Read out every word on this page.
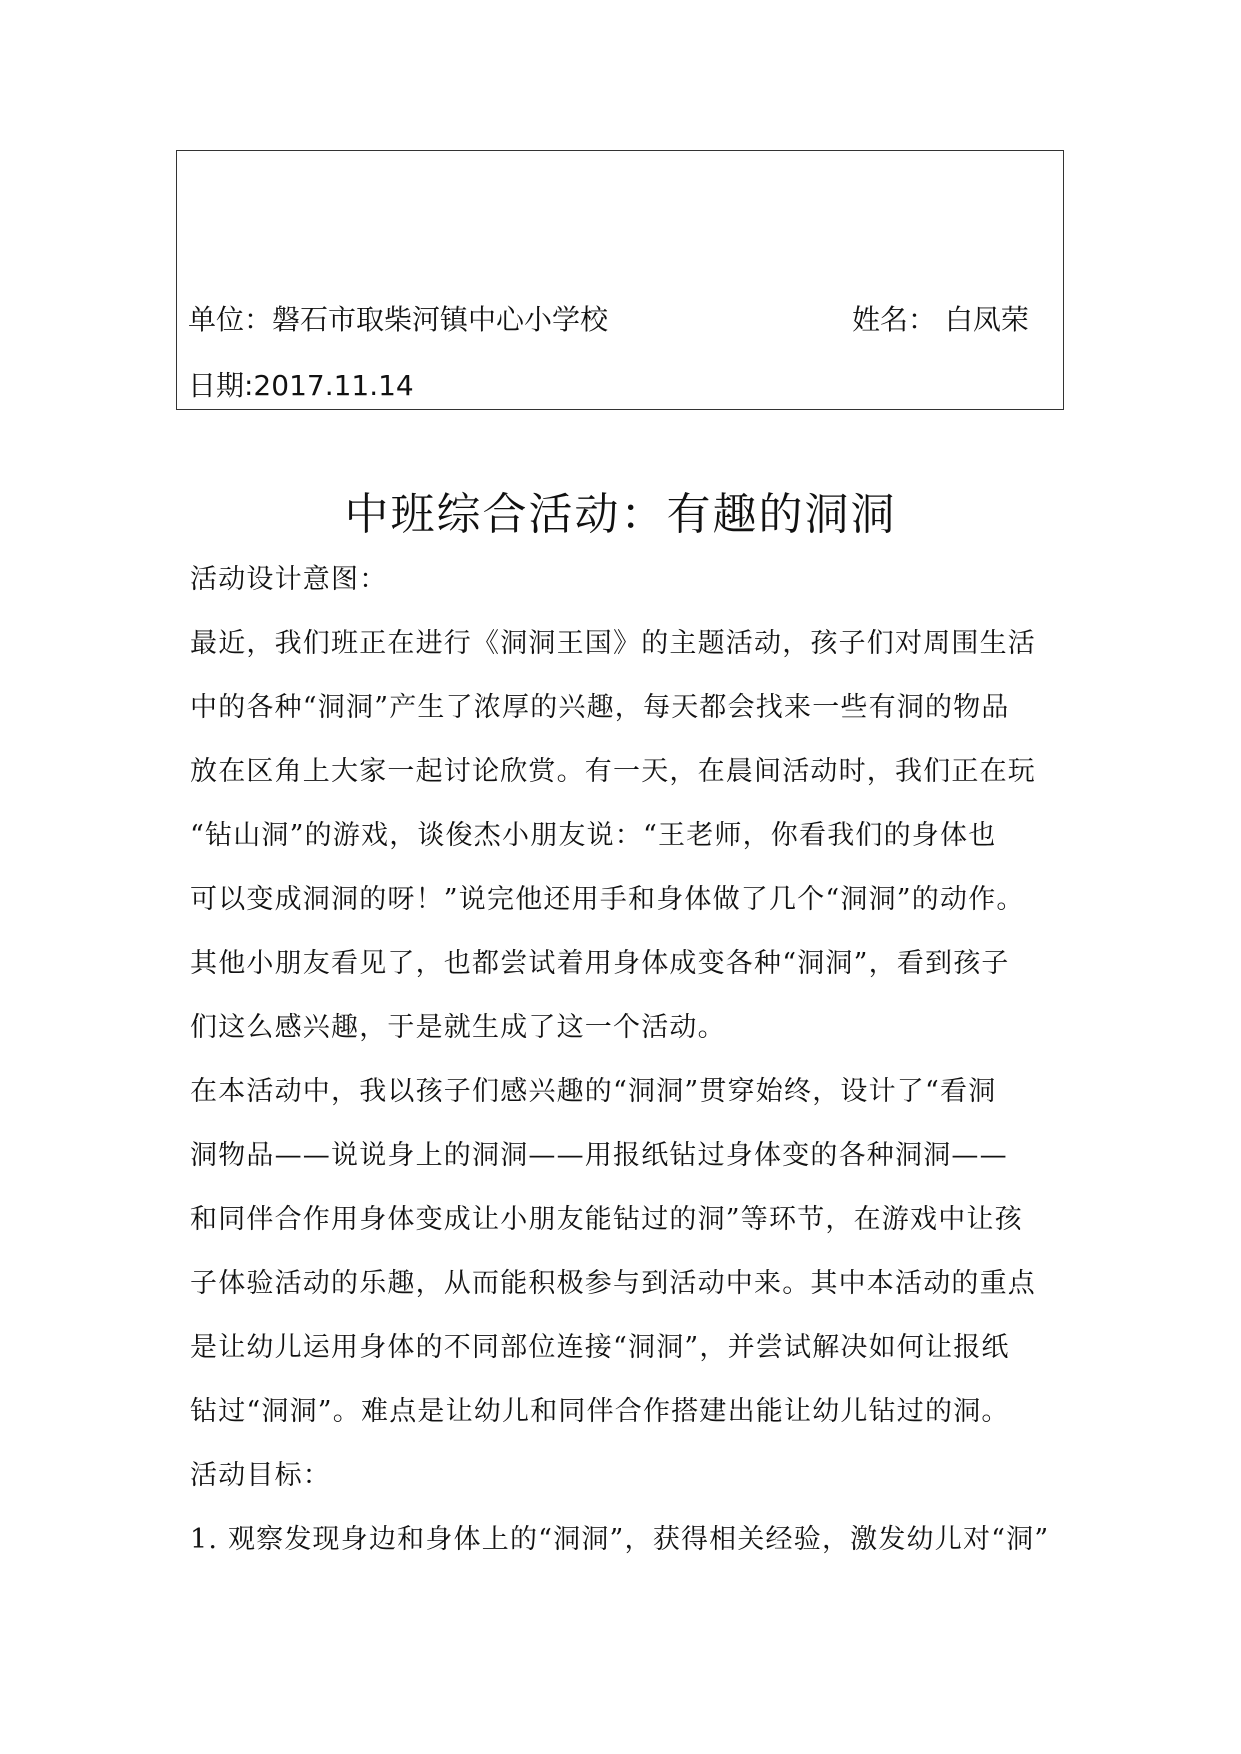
单位：磐石市取柴河镇中心小学校	姓名： 白凤荣
日期:2017.11.14
中班综合活动：有趣的洞洞
活动设计意图：
最近，我们班正在进行《洞洞王国》的主题活动，孩子们对周围生活
中的各种“洞洞”产生了浓厚的兴趣，每天都会找来一些有洞的物品
放在区角上大家一起讨论欣赏。有一天，在晨间活动时，我们正在玩
“钻山洞”的游戏，谈俊杰小朋友说：“王老师，你看我们的身体也
可以变成洞洞的呀！”说完他还用手和身体做了几个“洞洞”的动作。
其他小朋友看见了，也都尝试着用身体成变各种“洞洞”，看到孩子
们这么感兴趣，于是就生成了这一个活动。
在本活动中，我以孩子们感兴趣的“洞洞”贯穿始终，设计了“看洞
洞物品——说说身上的洞洞——用报纸钻过身体变的各种洞洞——
和同伴合作用身体变成让小朋友能钻过的洞”等环节，在游戏中让孩
子体验活动的乐趣，从而能积极参与到活动中来。其中本活动的重点
是让幼儿运用身体的不同部位连接“洞洞”，并尝试解决如何让报纸
钻过“洞洞”。难点是让幼儿和同伴合作搭建出能让幼儿钻过的洞。
活动目标：
1. 观察发现身边和身体上的“洞洞”，获得相关经验，激发幼儿对“洞”
